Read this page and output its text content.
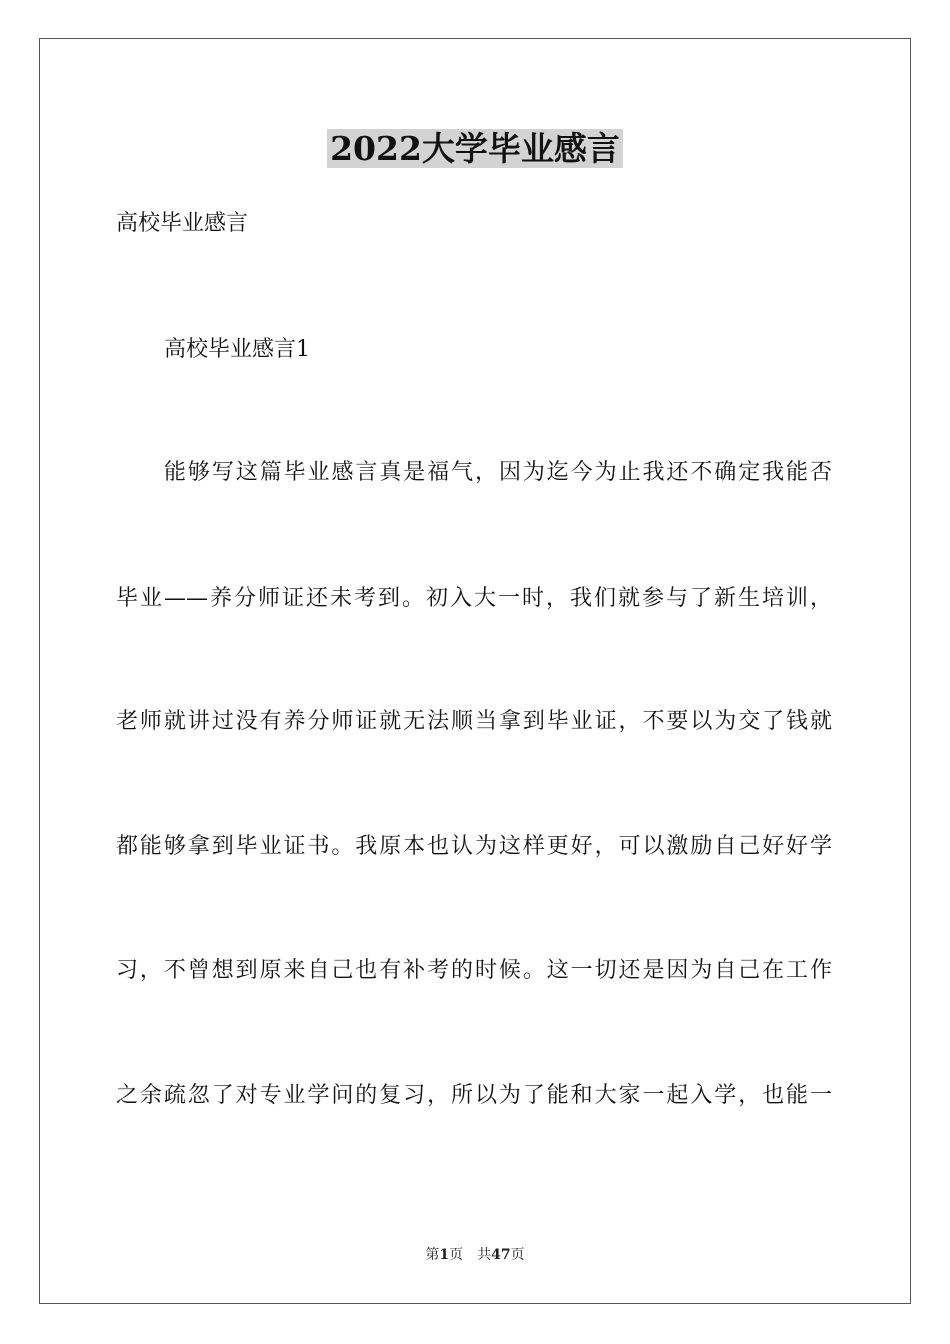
2022大学毕业感言
高校毕业感言
高校毕业感言1
能够写这篇毕业感言真是福气，因为迄今为止我还不确定我能否
毕业——养分师证还未考到。初入大一时，我们就参与了新生培训，
老师就讲过没有养分师证就无法顺当拿到毕业证，不要以为交了钱就
都能够拿到毕业证书。我原本也认为这样更好，可以激励自己好好学
习，不曾想到原来自己也有补考的时候。这一切还是因为自己在工作
之余疏忽了对专业学问的复习，所以为了能和大家一起入学，也能一
第1页 共47页
